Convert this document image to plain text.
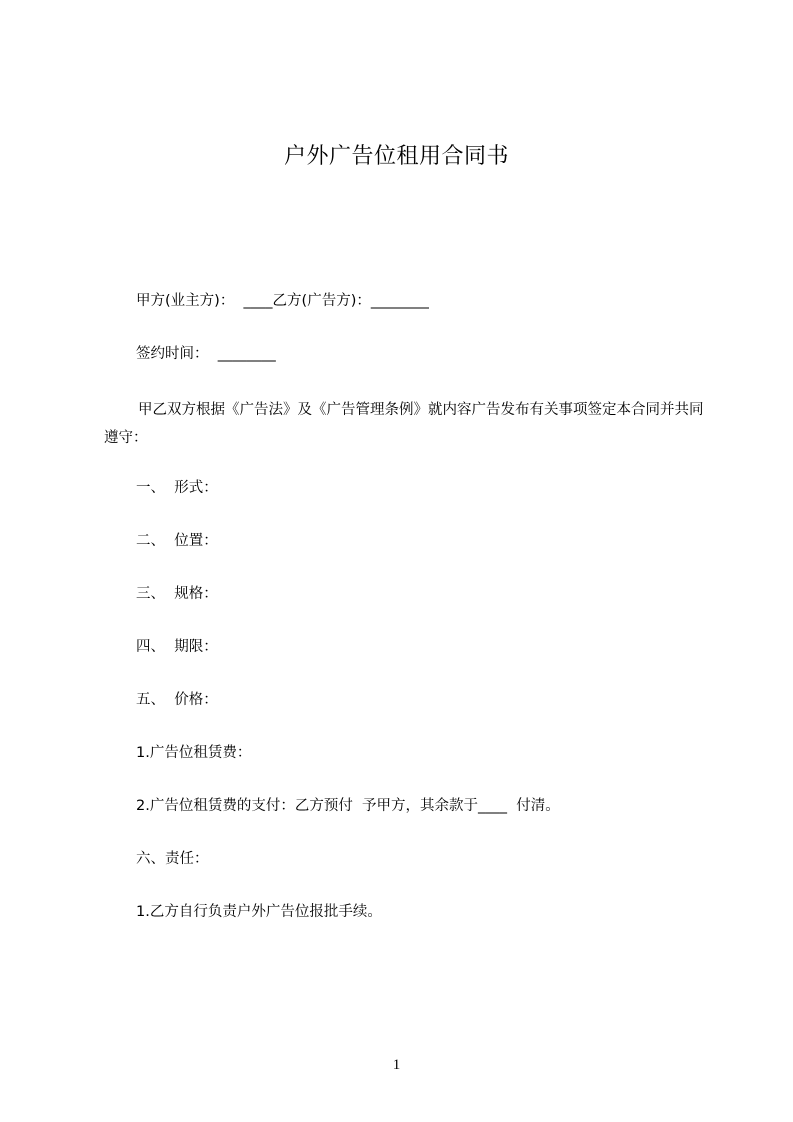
户外广告位租用合同书
甲方(业主方)：  ____乙方(广告方)：________
签约时间：  ________
甲乙双方根据《广告法》及《广告管理条例》就内容广告发布有关事项签定本合同并共同遵守：
一、  形式：
二、  位置：
三、  规格：
四、  期限：
五、  价格：
1.广告位租赁费：
2.广告位租赁费的支付：乙方预付  予甲方，其余款于____  付清。
六、责任：
1.乙方自行负责户外广告位报批手续。
1
